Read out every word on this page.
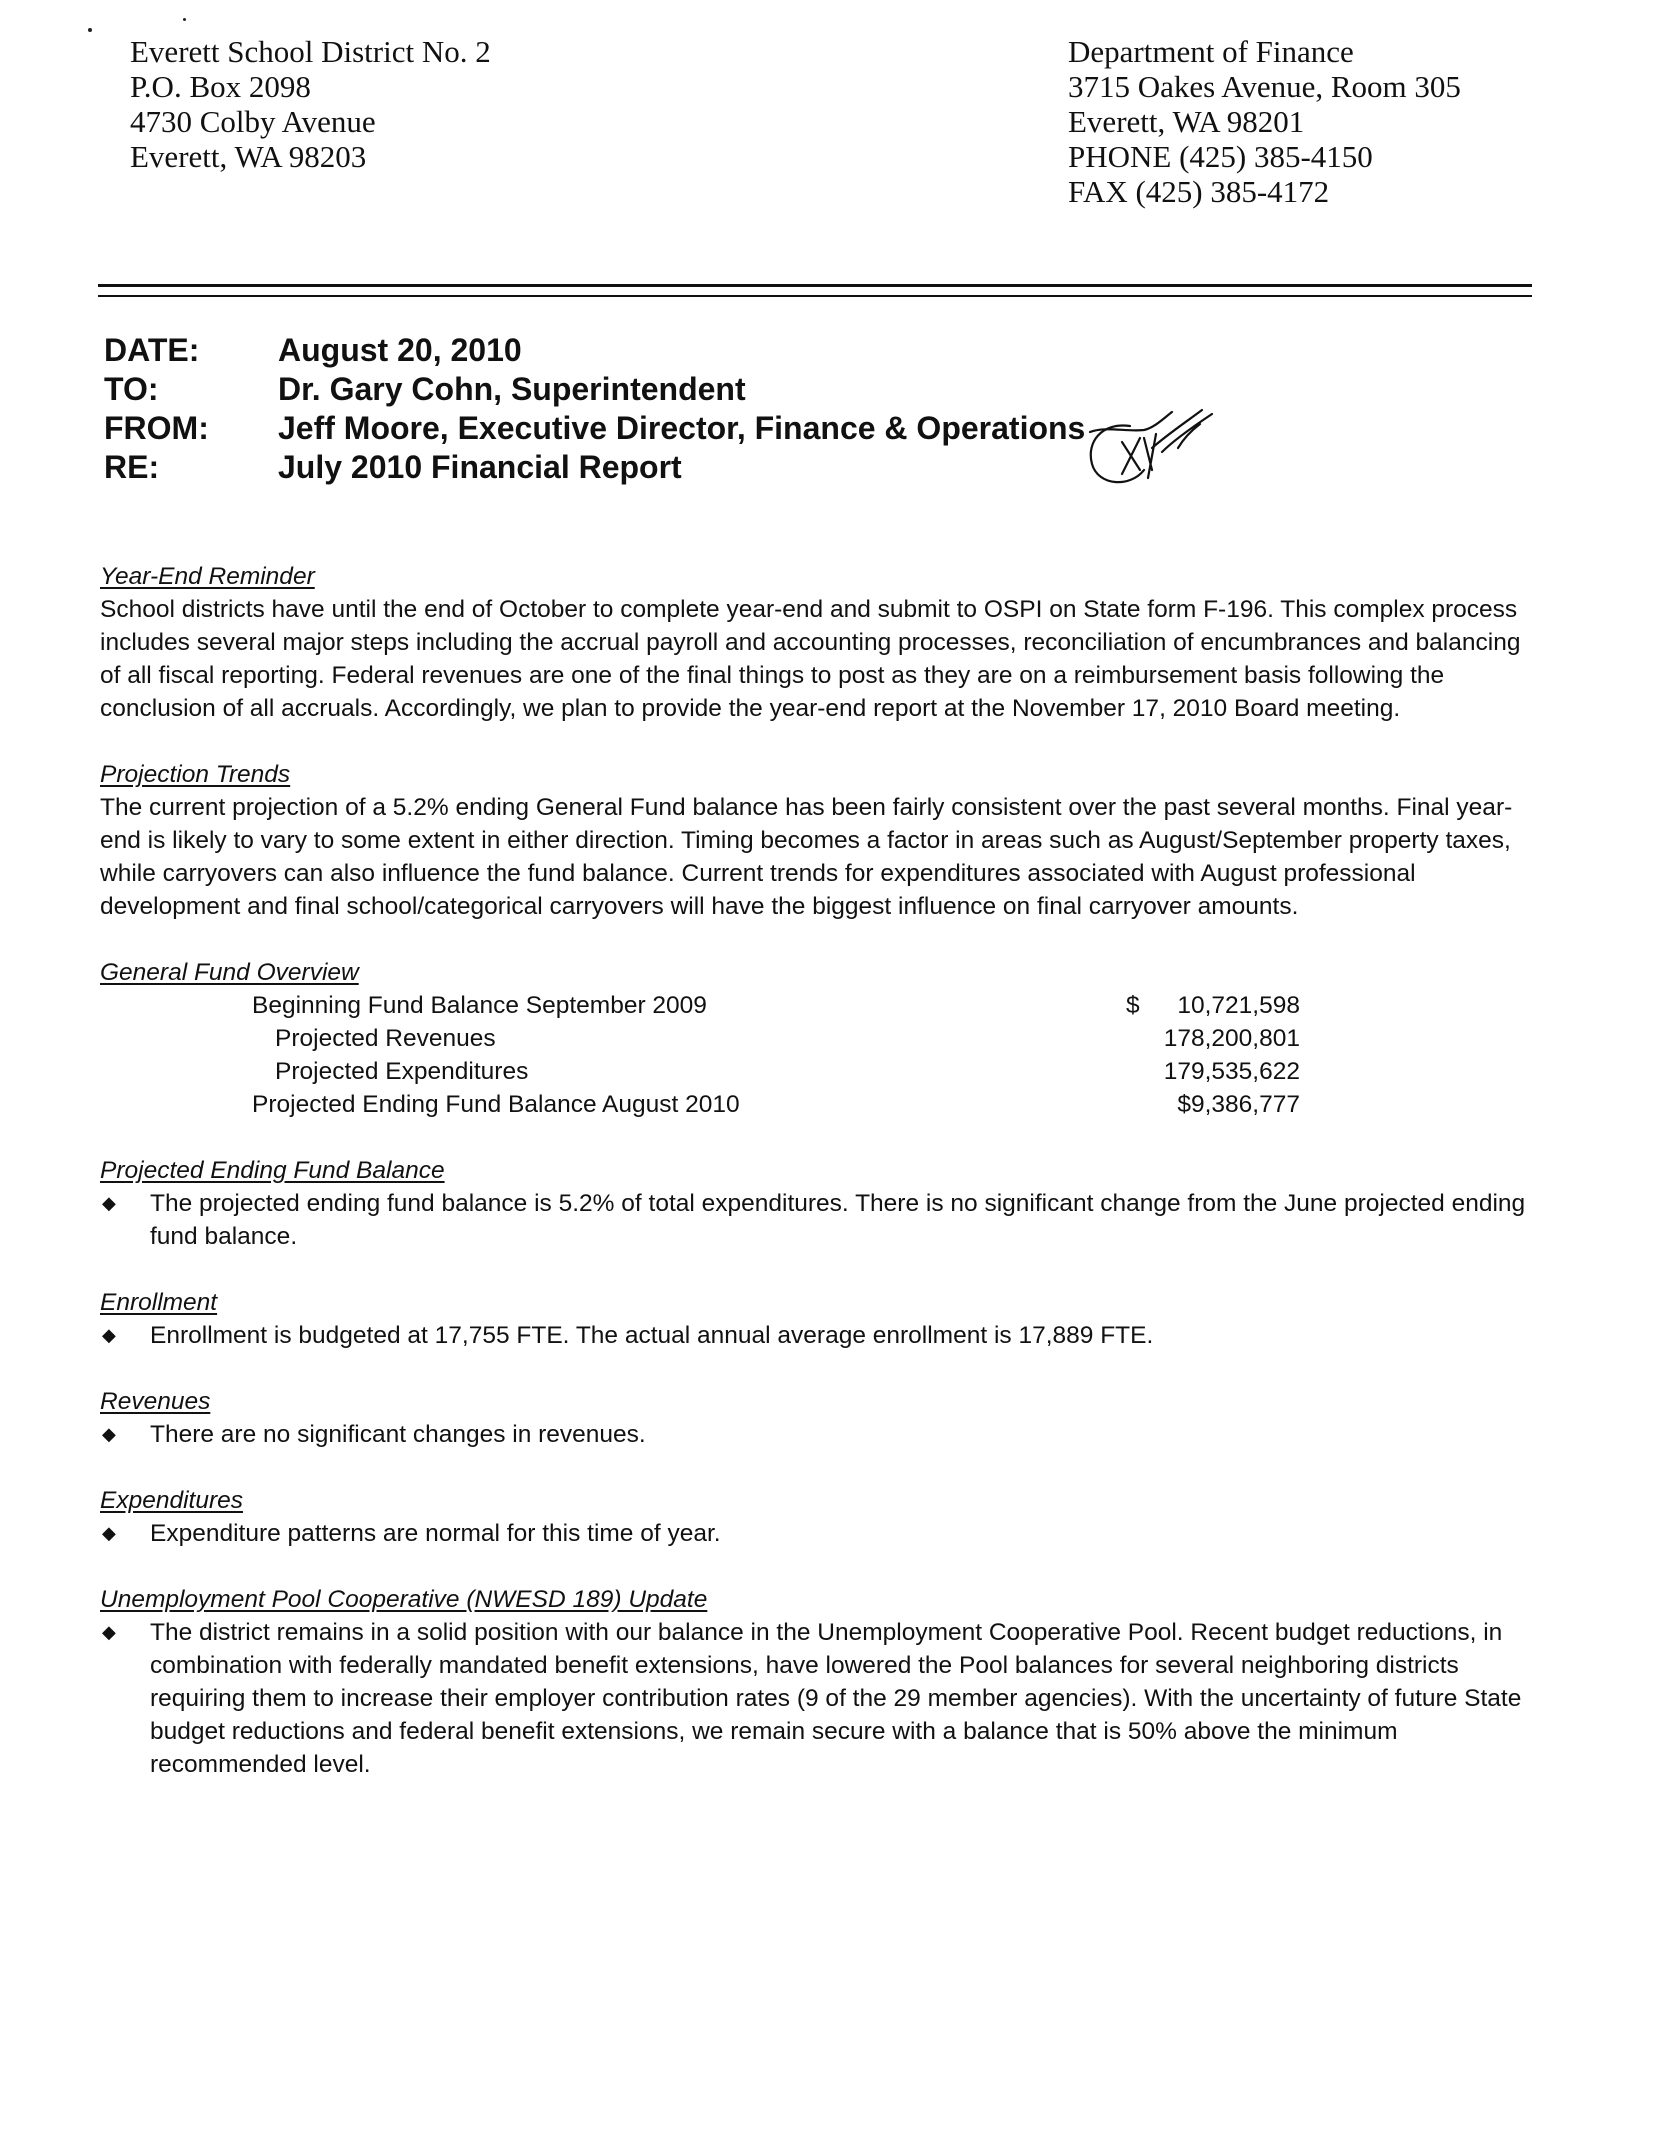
Everett School District No. 2
P.O. Box 2098
4730 Colby Avenue
Everett, WA 98203
Department of Finance
3715 Oakes Avenue, Room 305
Everett, WA 98201
PHONE (425) 385-4150
FAX (425) 385-4172
DATE:	August 20, 2010
TO:	Dr. Gary Cohn, Superintendent
FROM:	Jeff Moore, Executive Director, Finance & Operations
RE:	July 2010 Financial Report
Year-End Reminder

School districts have until the end of October to complete year-end and submit to OSPI on State form F-196. This complex process includes several major steps including the accrual payroll and accounting processes, reconciliation of encumbrances and balancing of all fiscal reporting. Federal revenues are one of the final things to post as they are on a reimbursement basis following the conclusion of all accruals. Accordingly, we plan to provide the year-end report at the November 17, 2010 Board meeting.

Projection Trends

The current projection of a 5.2% ending General Fund balance has been fairly consistent over the past several months. Final year-end is likely to vary to some extent in either direction. Timing becomes a factor in areas such as August/September property taxes, while carryovers can also influence the fund balance. Current trends for expenditures associated with August professional development and final school/categorical carryovers will have the biggest influence on final carryover amounts.

General Fund Overview
Beginning Fund Balance September 2009	$	10,721,598
Projected Revenues	178,200,801
Projected Expenditures	179,535,622
Projected Ending Fund Balance August 2010	$9,386,777
Projected Ending Fund Balance
◆	The projected ending fund balance is 5.2% of total expenditures. There is no significant change from the June projected ending fund balance.
Enrollment
◆	Enrollment is budgeted at 17,755 FTE. The actual annual average enrollment is 17,889 FTE.
Revenues
◆	There are no significant changes in revenues.
Expenditures
◆	Expenditure patterns are normal for this time of year.
Unemployment Pool Cooperative (NWESD 189) Update
◆	The district remains in a solid position with our balance in the Unemployment Cooperative Pool. Recent budget reductions, in combination with federally mandated benefit extensions, have lowered the Pool balances for several neighboring districts requiring them to increase their employer contribution rates (9 of the 29 member agencies). With the uncertainty of future State budget reductions and federal benefit extensions, we remain secure with a balance that is 50% above the minimum recommended level.
